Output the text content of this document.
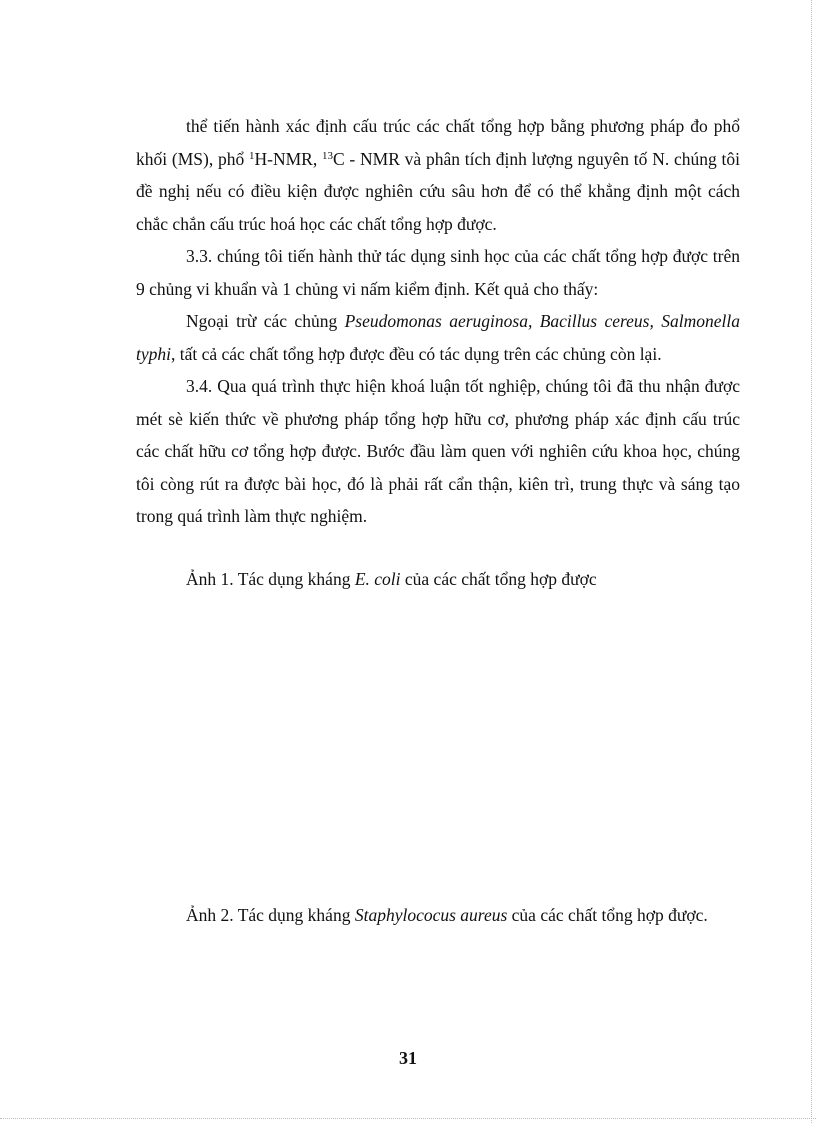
thể tiến hành xác định cấu trúc các chất tổng hợp bằng phương pháp đo phổ khối (MS), phổ $^1$H-NMR, $^{13}$C - NMR và phân tích định lượng nguyên tố N. chúng tôi đề nghị nếu có điều kiện được nghiên cứu sâu hơn để có thể khẳng định một cách chắc chắn cấu trúc hoá học các chất tổng hợp được.

3.3. chúng tôi tiến hành thử tác dụng sinh học của các chất tổng hợp được trên 9 chủng vi khuẩn và 1 chủng vi nấm kiểm định. Kết quả cho thấy:

Ngoại trừ các chủng Pseudomonas aeruginosa, Bacillus cereus, Salmonella typhi, tất cả các chất tổng hợp được đều có tác dụng trên các chủng còn lại.

3.4. Qua quá trình thực hiện khoá luận tốt nghiệp, chúng tôi đã thu nhận được mét sè kiến thức về phương pháp tổng hợp hữu cơ, phương pháp xác định cấu trúc các chất hữu cơ tổng hợp được. Bước đầu làm quen với nghiên cứu khoa học, chúng tôi còng rút ra được bài học, đó là phải rất cẩn thận, kiên trì, trung thực và sáng tạo trong quá trình làm thực nghiệm.

Ảnh 1. Tác dụng kháng E. coli của các chất tổng hợp được
Ảnh 2. Tác dụng kháng Staphylococus aureus của các chất tổng hợp được.
31
